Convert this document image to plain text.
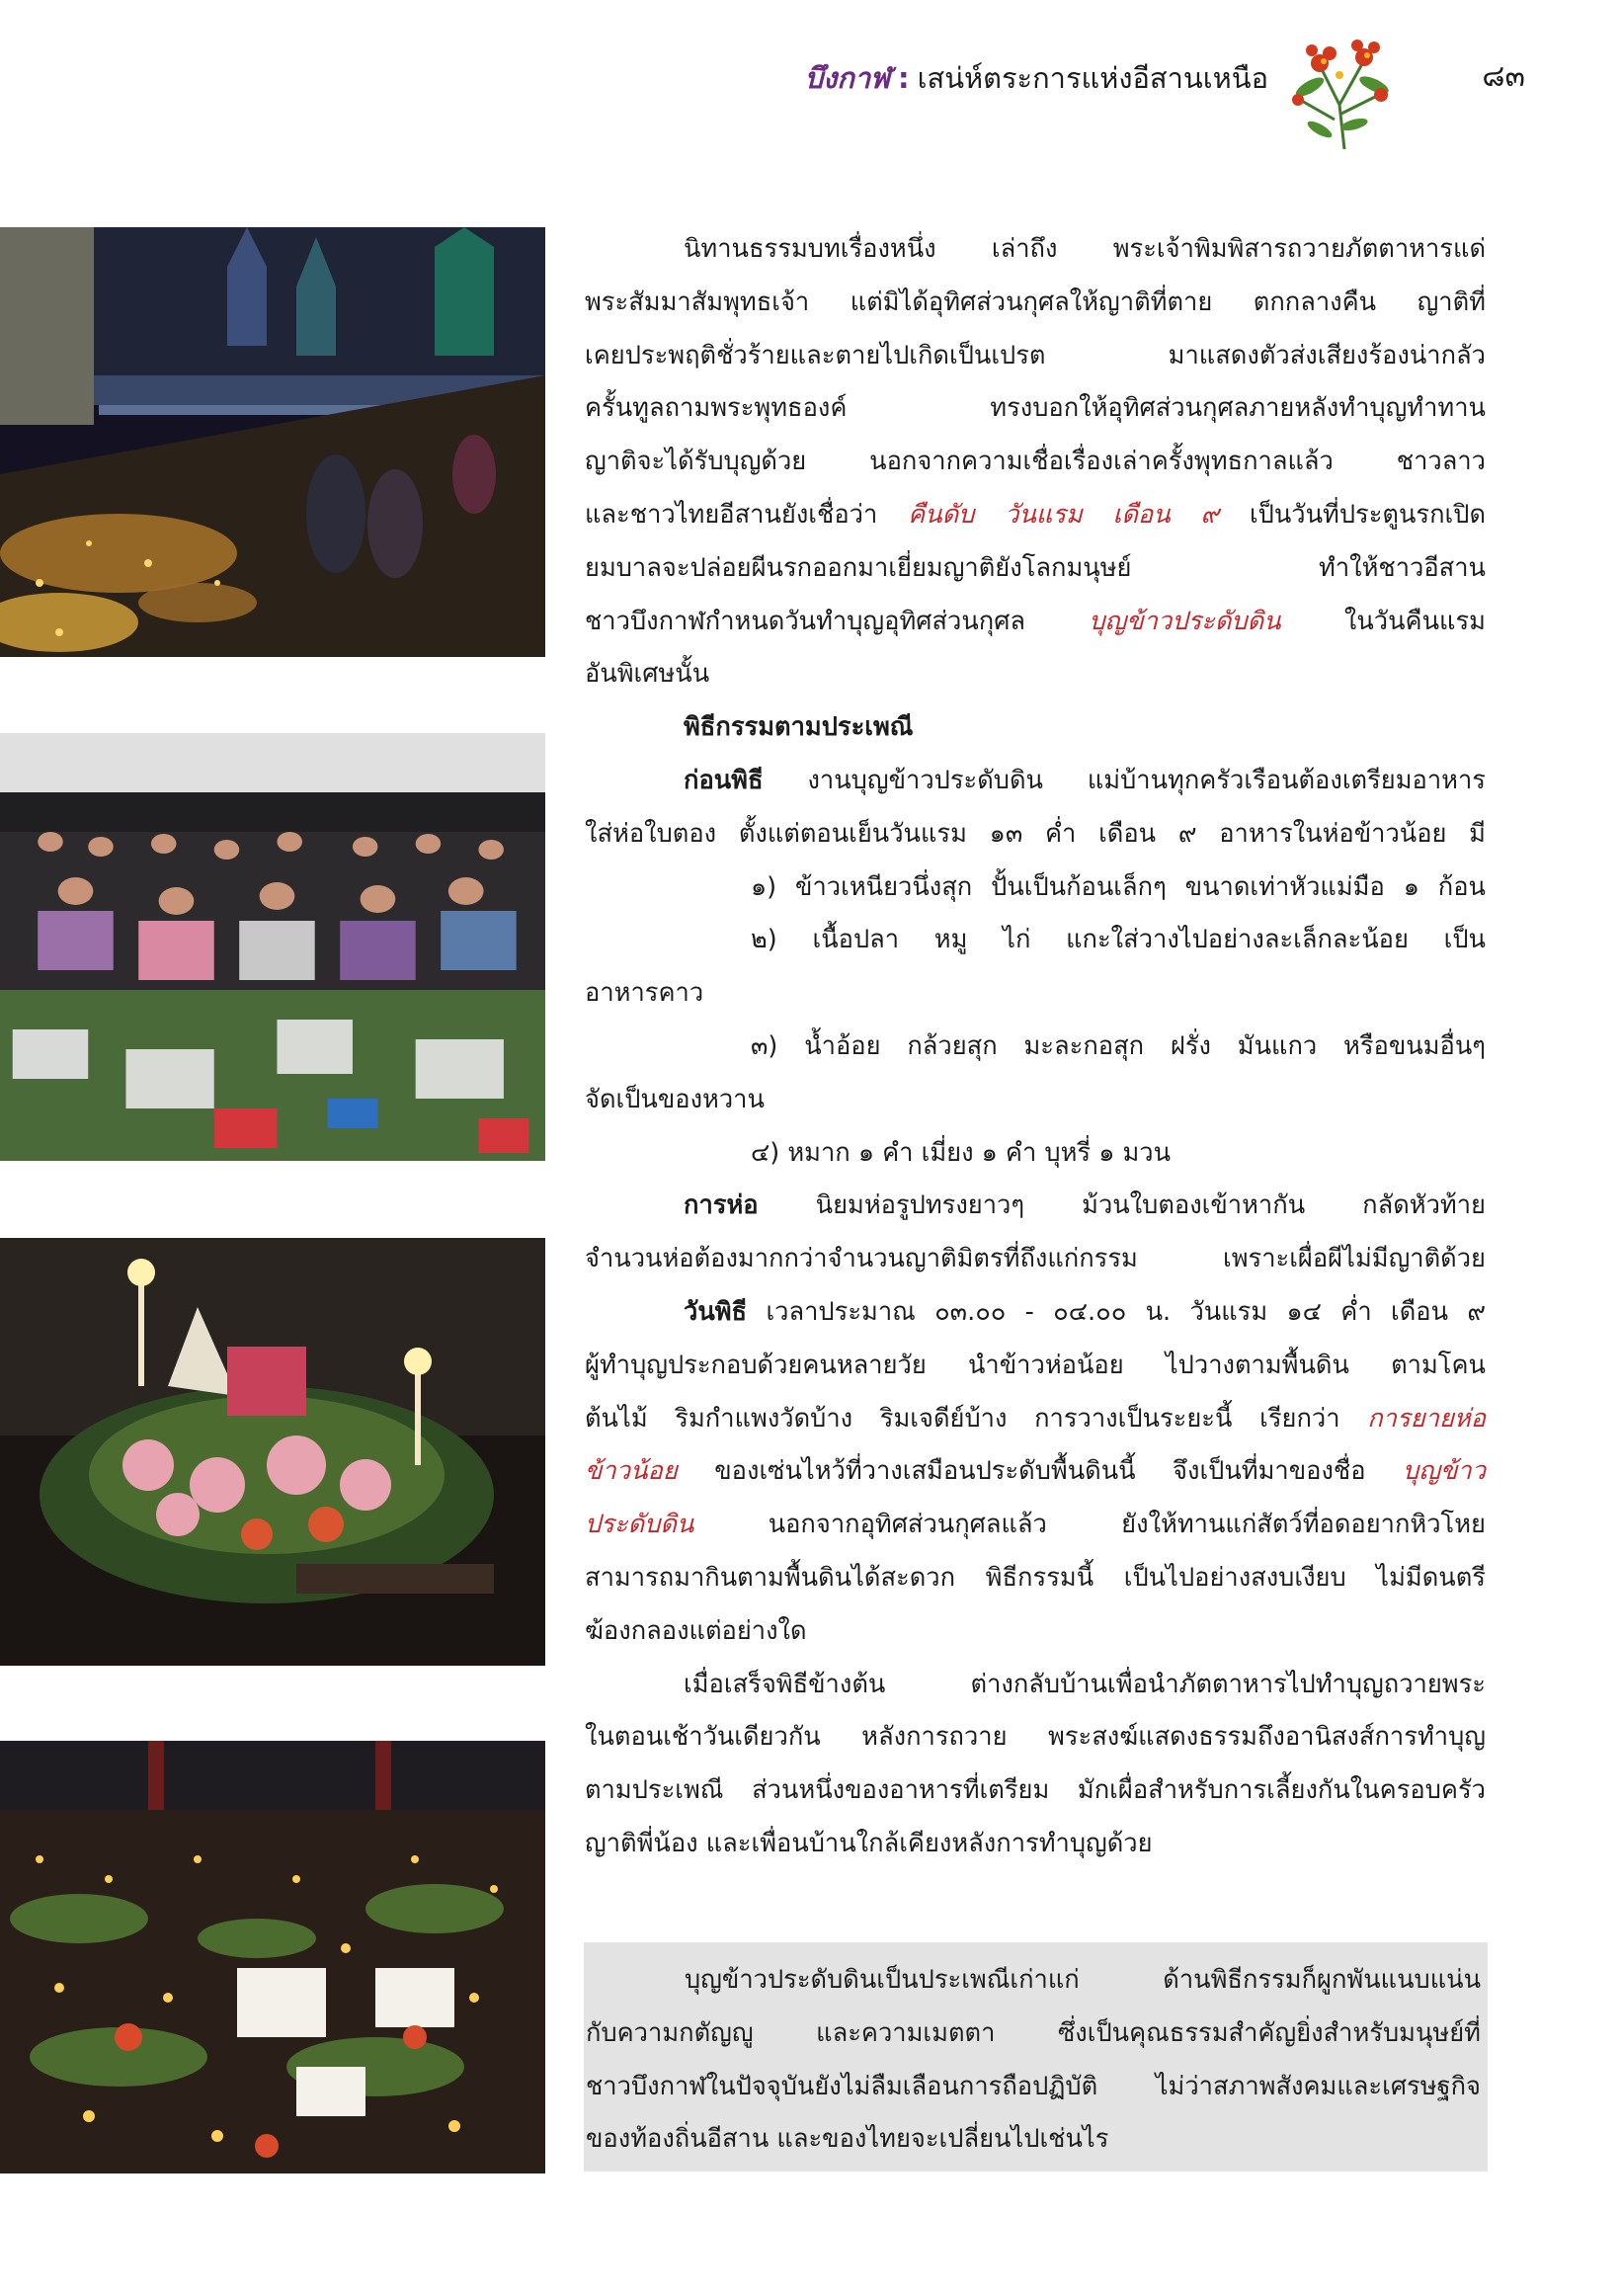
บึงกาฬ : เสน่ห์ตระการแห่งอีสานเหนือ	๘๓
นิทานธรรมบทเรื่องหนึ่ง เล่าถึง พระเจ้าพิมพิสารถวายภัตตาหารแด่
พระสัมมาสัมพุทธเจ้า แต่มิได้อุทิศส่วนกุศลให้ญาติที่ตาย ตกกลางคืน ญาติที่
เคยประพฤติชั่วร้ายและตายไปเกิดเป็นเปรต มาแสดงตัวส่งเสียงร้องน่ากลัว
ครั้นทูลถามพระพุทธองค์ ทรงบอกให้อุทิศส่วนกุศลภายหลังทำบุญทำทาน
ญาติจะได้รับบุญด้วย นอกจากความเชื่อเรื่องเล่าครั้งพุทธกาลแล้ว ชาวลาว
และชาวไทยอีสานยังเชื่อว่า คืนดับ วันแรม เดือน ๙ เป็นวันที่ประตูนรกเปิด
ยมบาลจะปล่อยผีนรกออกมาเยี่ยมญาติยังโลกมนุษย์ ทำให้ชาวอีสาน
ชาวบึงกาฬกำหนดวันทำบุญอุทิศส่วนกุศล	บุญข้าวประดับดิน	ในวันคืนแรม
อันพิเศษนั้น
พิธีกรรมตามประเพณี
ก่อนพิธี งานบุญข้าวประดับดิน แม่บ้านทุกครัวเรือนต้องเตรียมอาหาร
ใส่ห่อใบตอง ตั้งแต่ตอนเย็นวันแรม ๑๓ ค่ำ เดือน ๙ อาหารในห่อข้าวน้อย มี
๑) ข้าวเหนียวนึ่งสุก ปั้นเป็นก้อนเล็กๆ ขนาดเท่าหัวแม่มือ ๑ ก้อน
๒) เนื้อปลา หมู ไก่ แกะใส่วางไปอย่างละเล็กละน้อย เป็น
อาหารคาว
๓) น้ำอ้อย กล้วยสุก มะละกอสุก ฝรั่ง มันแกว หรือขนมอื่นๆ
จัดเป็นของหวาน
๔) หมาก ๑ คำ เมี่ยง ๑ คำ บุหรี่ ๑ มวน
การห่อ นิยมห่อรูปทรงยาวๆ ม้วนใบตองเข้าหากัน กลัดหัวท้าย
จำนวนห่อต้องมากกว่าจำนวนญาติมิตรที่ถึงแก่กรรม เพราะเผื่อผีไม่มีญาติด้วย
วันพิธี เวลาประมาณ ๐๓.๐๐ - ๐๔.๐๐ น. วันแรม ๑๔ ค่ำ เดือน ๙
ผู้ทำบุญประกอบด้วยคนหลายวัย นำข้าวห่อน้อย ไปวางตามพื้นดิน ตามโคน
ต้นไม้ ริมกำแพงวัดบ้าง ริมเจดีย์บ้าง การวางเป็นระยะนี้ เรียกว่า การยายห่อ
ข้าวน้อย ของเซ่นไหว้ที่วางเสมือนประดับพื้นดินนี้ จึงเป็นที่มาของชื่อ บุญข้าว
ประดับดิน	นอกจากอุทิศส่วนกุศลแล้ว ยังให้ทานแก่สัตว์ที่อดอยากหิวโหย
สามารถมากินตามพื้นดินได้สะดวก พิธีกรรมนี้ เป็นไปอย่างสงบเงียบ ไม่มีดนตรี
ฆ้องกลองแต่อย่างใด
เมื่อเสร็จพิธีข้างต้น ต่างกลับบ้านเพื่อนำภัตตาหารไปทำบุญถวายพระ
ในตอนเช้าวันเดียวกัน หลังการถวาย พระสงฆ์แสดงธรรมถึงอานิสงส์การทำบุญ
ตามประเพณี ส่วนหนึ่งของอาหารที่เตรียม มักเผื่อสำหรับการเลี้ยงกันในครอบครัว
ญาติพี่น้อง และเพื่อนบ้านใกล้เคียงหลังการทำบุญด้วย
บุญข้าวประดับดินเป็นประเพณีเก่าแก่ ด้านพิธีกรรมก็ผูกพันแนบแน่น
กับความกตัญญู และความเมตตา ซึ่งเป็นคุณธรรมสำคัญยิ่งสำหรับมนุษย์ที่
ชาวบึงกาฬในปัจจุบันยังไม่ลืมเลือนการถือปฏิบัติ ไม่ว่าสภาพสังคมและเศรษฐกิจ
ของท้องถิ่นอีสาน และของไทยจะเปลี่ยนไปเช่นไร
